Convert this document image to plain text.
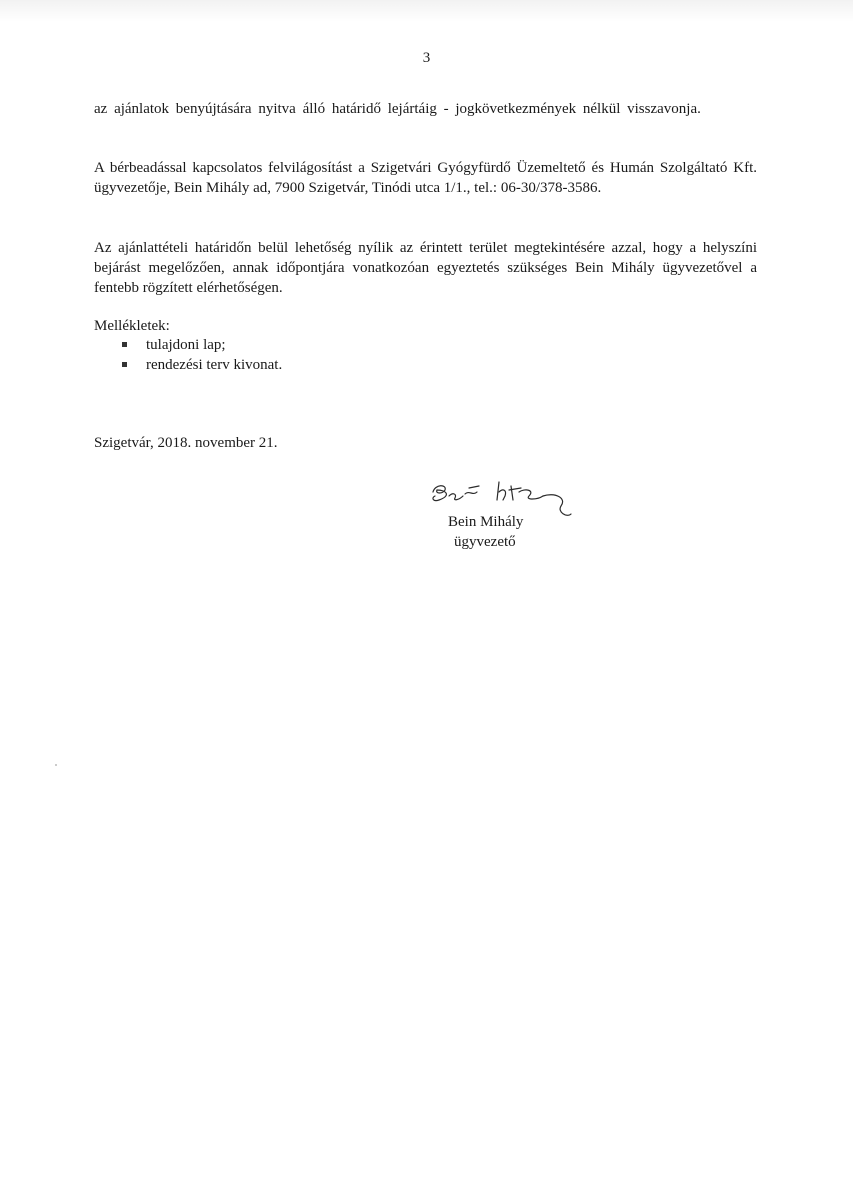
3

az ajánlatok benyújtására nyitva álló határidő lejártáig - jogkövetkezmények nélkül visszavonja.

A bérbeadással kapcsolatos felvilágosítást a Szigetvári Gyógyfürdő Üzemeltető és Humán Szolgáltató Kft. ügyvezetője, Bein Mihály ad, 7900 Szigetvár, Tinódi utca 1/1., tel.: 06-30/378-3586.

Az ajánlattételi határidőn belül lehetőség nyílik az érintett terület megtekintésére azzal, hogy a helyszíni bejárást megelőzően, annak időpontjára vonatkozóan egyeztetés szükséges Bein Mihály ügyvezetővel a fentebb rögzített elérhetőségen.

Mellékletek:

tulajdoni lap;
rendezési terv kivonat.

Szigetvár, 2018. november 21.

Bein Mihály

ügyvezető
